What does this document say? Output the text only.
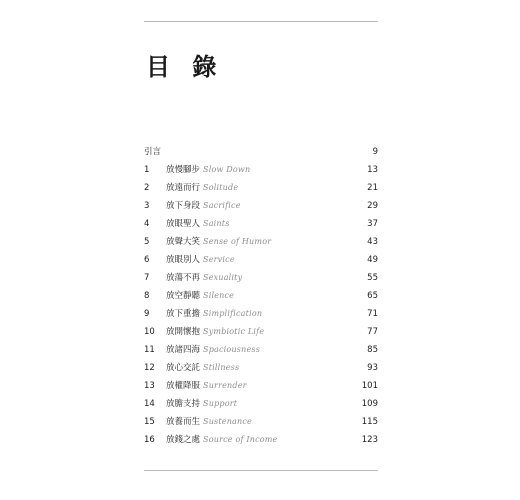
目 錄
引言	9
1 放慢腳步 Slow Down	13
2 放遠而行 Solitude	21
3 放下身段 Sacrifice	29
4 放眼聖人 Saints	37
5 放聲大笑 Sense of Humor	43
6 放眼別人 Service	49
7 放蕩不再 Sexuality	55
8 放空靜聽 Silence	65
9 放下重擔 Simplification	71
10 放開懷抱 Symbiotic Life	77
11 放諸四海 Spaciousness	85
12 放心交託 Stillness	93
13 放權降服 Surrender	101
14 放膽支持 Support	109
15 放養而生 Sustenance	115
16 放錢之處 Source of Income	123
